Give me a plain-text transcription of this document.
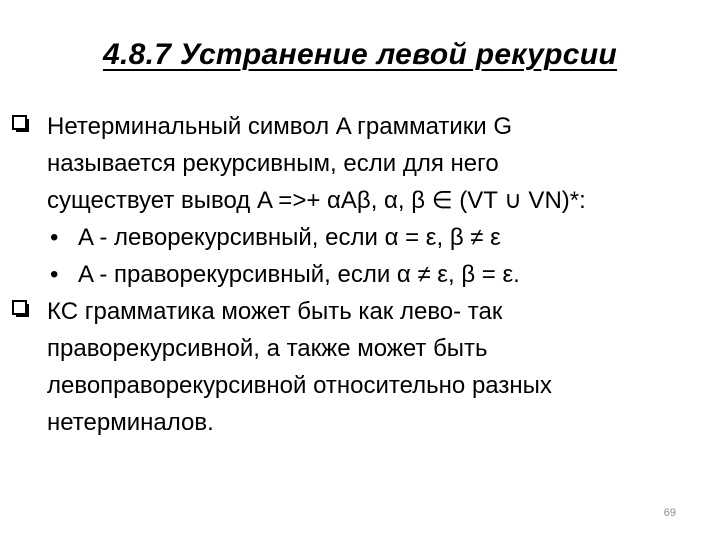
4.8.7 Устранение левой рекурсии
Нетерминальный символ A грамматики G
называется рекурсивным, если для него
существует вывод A =>+ αAβ, α, β ∈ (VT ∪ VN)*:
• A - леворекурсивный, если α = ε, β ≠ ε
• A - праворекурсивный, если α ≠ ε, β = ε.
КС грамматика может быть как лево- так
праворекурсивной, а также может быть
левоправорекурсивной относительно разных
нетерминалов.
69
